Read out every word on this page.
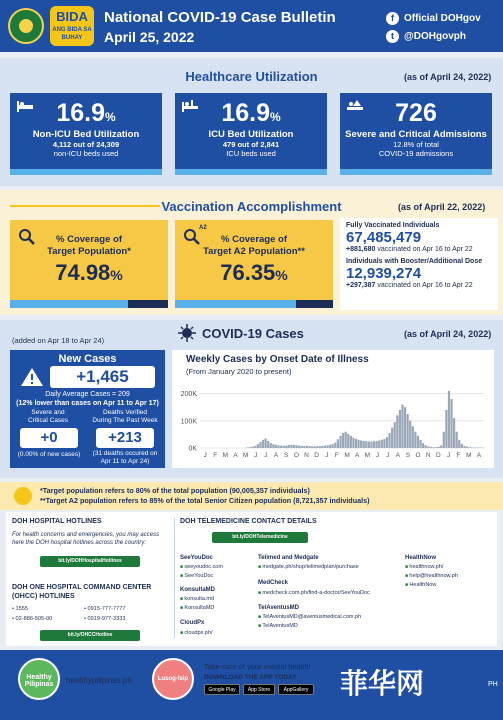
BIDA
ANG BIDA SA BUHAY
National COVID-19 Case Bulletin
April 25, 2022
f	Official DOHgov
t	@DOHgovph
Healthcare Utilization	(as of April 24, 2022)
16.9%
Non-ICU Bed Utilization
4,112 out of 24,309
non-ICU beds used
16.9%
ICU Bed Utilization
479 out of 2,841
ICU beds used
726
Severe and Critical Admissions
12.8% of total
COVID-19 admissions
Vaccination Accomplishment	(as of April 22, 2022)
% Coverage of
Target Population*
74.98%
A2
% Coverage of
Target A2 Population**
76.35%
Fully Vaccinated Individuals
67,485,479
+881,680 vaccinated on Apr 16 to Apr 22
Individuals with Booster/Additional Dose
12,939,274
+297,387 vaccinated on Apr 16 to Apr 22
COVID-19 Cases	(as of April 24, 2022)
(added on Apr 18 to Apr 24)
New Cases
+1,465
Daily Average Cases = 209
(12% lower than cases on Apr 11 to Apr 17)
Severe and
Critical Cases
+0
(0.00% of new cases)
Deaths Verified
During The Past Week
+213
(31 deaths occured on
Apr 11 to Apr 24)
Weekly Cases by Onset Date of Illness
(From January 2020 to present)
200K
100K
0K
J F M A M J J A S O N D J F M A M J J A S O N D J F M A
*Target population refers to 80% of the total population (90,005,357 individuals)
**Target A2 population refers to 85% of the total Senior Citizen population (8,721,357 individuals)
DOH HOSPITAL HOTLINES
For health concerns and emergencies, you may access
here the DOH hospital hotlines across the country:
bit.ly/DOHHospitalHotlines
DOH ONE HOSPITAL COMMAND CENTER
(OHCC) HOTLINES
• 1555	• 0915-777-7777
• 02-886-505-00	• 0919-977-3333
bit.ly/OHCCHotline
DOH TELEMEDICINE CONTACT DETAILS
bit.ly/DOHTelemedicine
SeeYouDoc
■ seeyoudoc.com
■ SeeYouDoc
KonsultaMD
■ konsulta.md
■ KonsultaMD
CloudPx
■ cloudpx.ph/
Telimed and Medgate
■ medgate.ph/shop/telimedplan/purchase
MedCheck
■ medcheck.com.ph/find-a-doctor/SeeYouDoc
TelAventusMD
■ TelAventusMD@aventusmedical.com.ph
■ TelAventusMD
HealthNow
■ healthnow.ph/
■ help@healthnow.ph
■ HealthNow
Healthy Pilipinas	healthypilipinas.ph	Lusog-Isip
Take care of your mental health!
DOWNLOAD THE APP TODAY
Google Play	App Store	AppGallery 菲华网	PH
